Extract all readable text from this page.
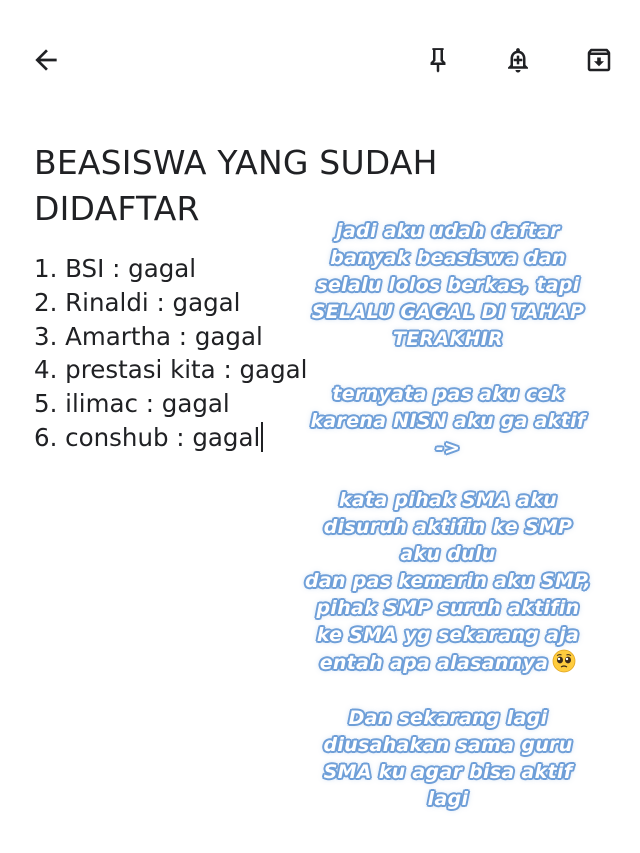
BEASISWA YANG SUDAH DIDAFTAR
1. BSI : gagal
2. Rinaldi : gagal
3. Amartha : gagal
4. prestasi kita : gagal
5. ilimac : gagal
6. conshub : gagal
jadi aku udah daftar
banyak beasiswa dan
selalu lolos berkas, tapi
SELALU GAGAL DI TAHAP
TERAKHIR
ternyata pas aku cek
karena NISN aku ga aktif
->
kata pihak SMA aku
disuruh aktifin ke SMP
aku dulu
dan pas kemarin aku SMP,
pihak SMP suruh aktifin
ke SMA yg sekarang aja
entah apa alasannya
Dan sekarang lagi
diusahakan sama guru
SMA ku agar bisa aktif
lagi
